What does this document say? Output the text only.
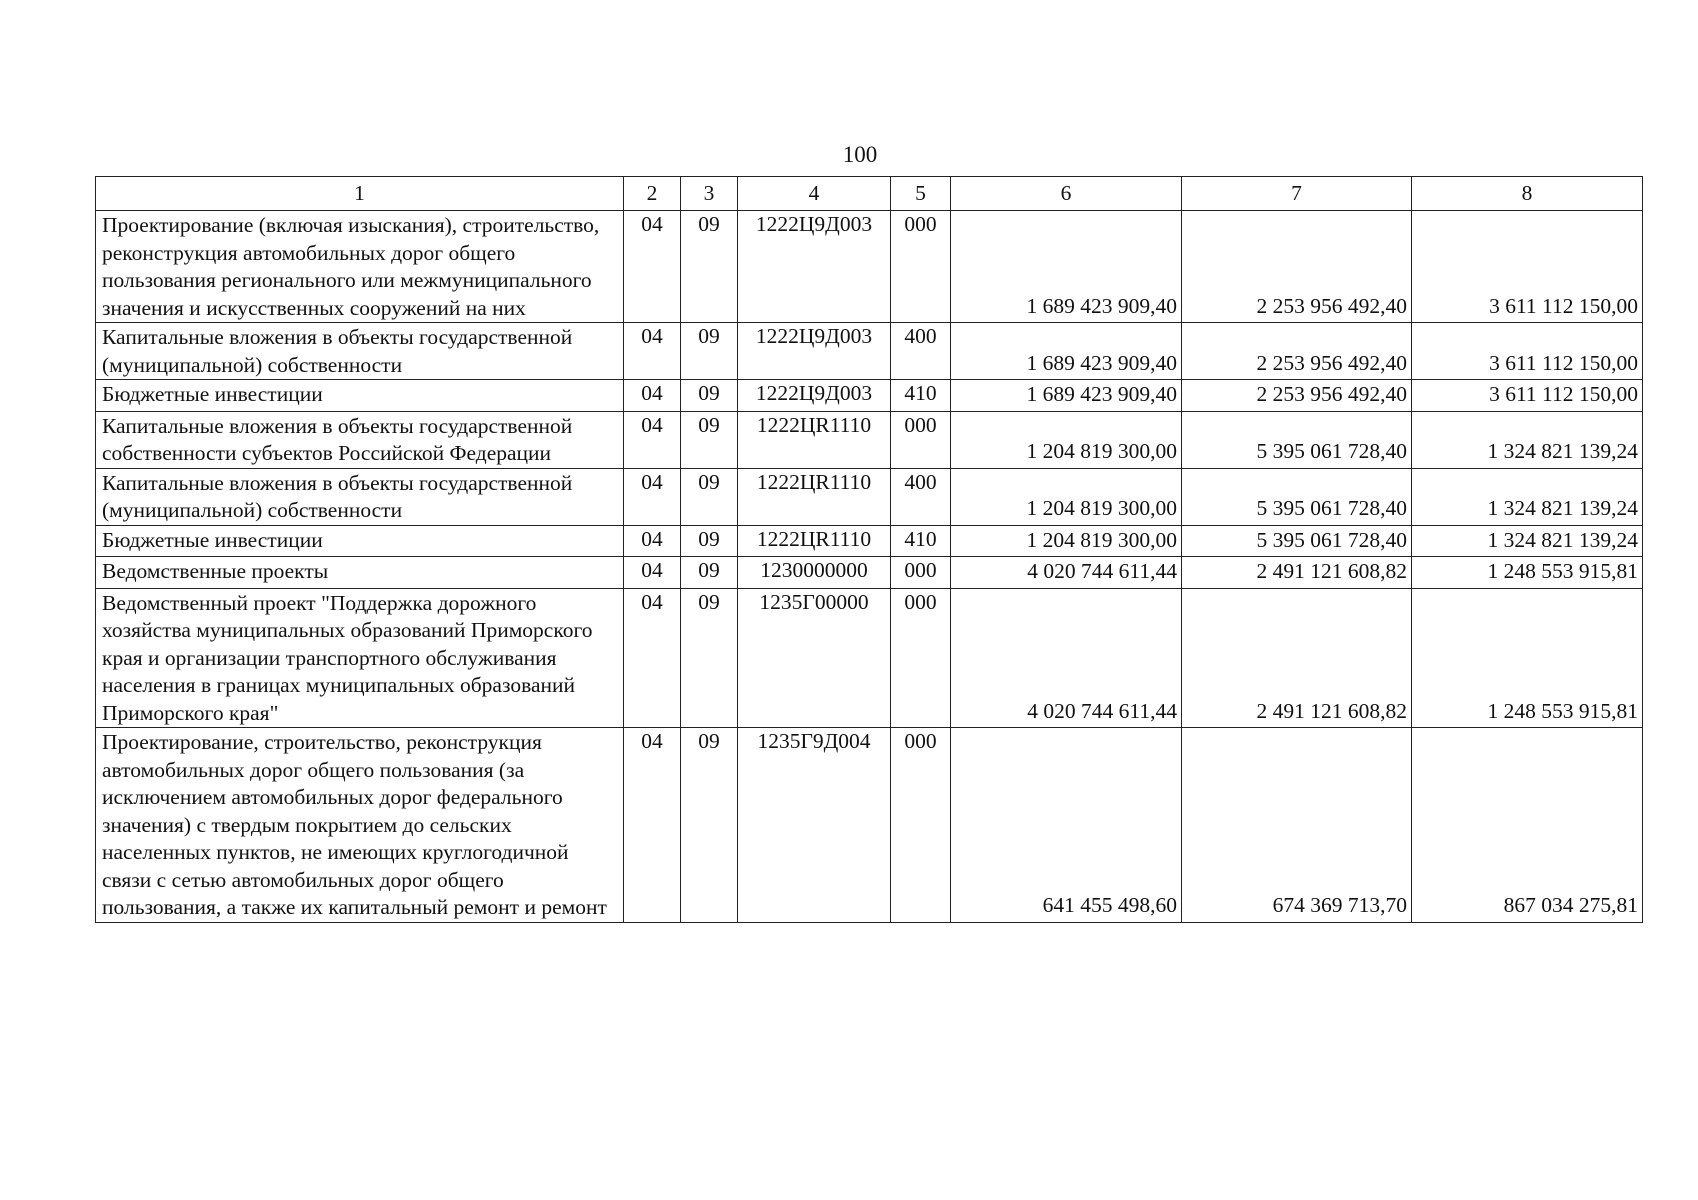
100
1	2	3	4	5	6	7	8
Проектирование (включая изыскания), строительство, реконструкция автомобильных дорог общего пользования регионального или межмуниципального значения и искусственных сооружений на них	04	09	1222Ц9Д003	000	1 689 423 909,40	2 253 956 492,40	3 611 112 150,00
Капитальные вложения в объекты государственной (муниципальной) собственности	04	09	1222Ц9Д003	400	1 689 423 909,40	2 253 956 492,40	3 611 112 150,00
Бюджетные инвестиции	04	09	1222Ц9Д003	410	1 689 423 909,40	2 253 956 492,40	3 611 112 150,00
Капитальные вложения в объекты государственной собственности субъектов Российской Федерации	04	09	1222ЦR1110	000	1 204 819 300,00	5 395 061 728,40	1 324 821 139,24
Капитальные вложения в объекты государственной (муниципальной) собственности	04	09	1222ЦR1110	400	1 204 819 300,00	5 395 061 728,40	1 324 821 139,24
Бюджетные инвестиции	04	09	1222ЦR1110	410	1 204 819 300,00	5 395 061 728,40	1 324 821 139,24
Ведомственные проекты	04	09	1230000000	000	4 020 744 611,44	2 491 121 608,82	1 248 553 915,81
Ведомственный проект "Поддержка дорожного хозяйства муниципальных образований Приморского края и организации транспортного обслуживания населения в границах муниципальных образований Приморского края"	04	09	1235Г00000	000	4 020 744 611,44	2 491 121 608,82	1 248 553 915,81
Проектирование, строительство, реконструкция автомобильных дорог общего пользования (за исключением автомобильных дорог федерального значения) с твердым покрытием до сельских населенных пунктов, не имеющих круглогодичной связи с сетью автомобильных дорог общего пользования, а также их капитальный ремонт и ремонт	04	09	1235Г9Д004	000	641 455 498,60	674 369 713,70	867 034 275,81
